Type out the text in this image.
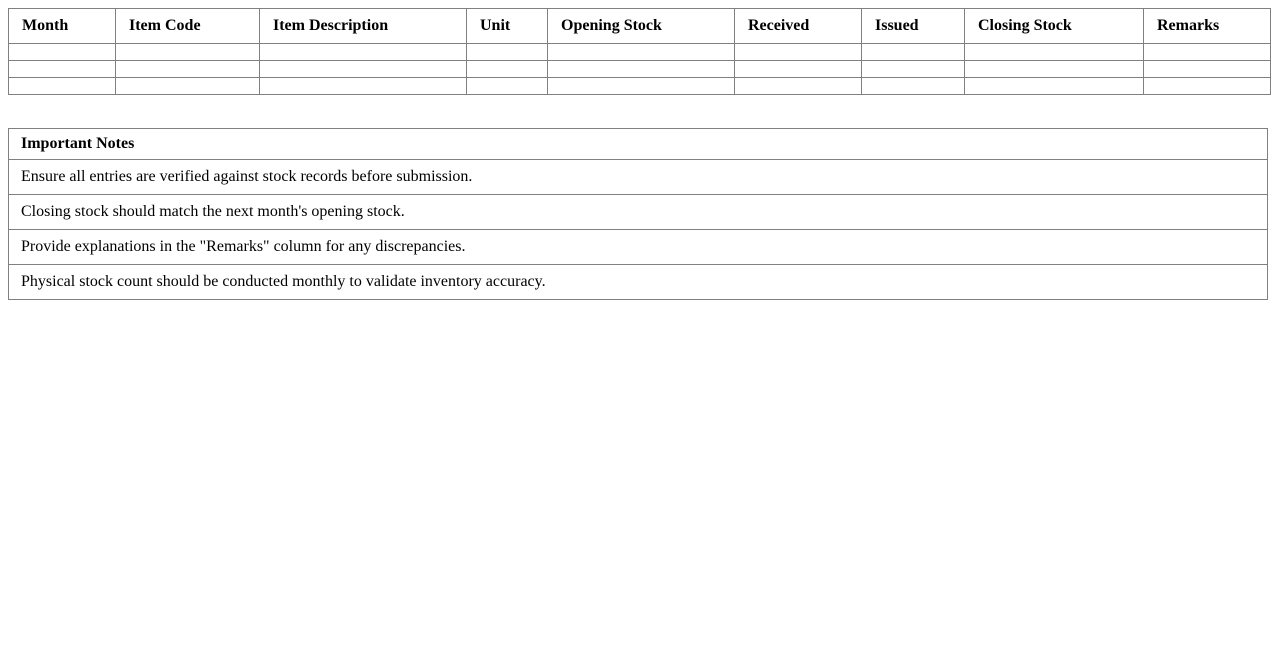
Month	Item Code	Item Description	Unit	Opening Stock	Received	Issued	Closing Stock	Remarks

Important Notes
Ensure all entries are verified against stock records before submission.
Closing stock should match the next month's opening stock.
Provide explanations in the "Remarks" column for any discrepancies.
Physical stock count should be conducted monthly to validate inventory accuracy.
